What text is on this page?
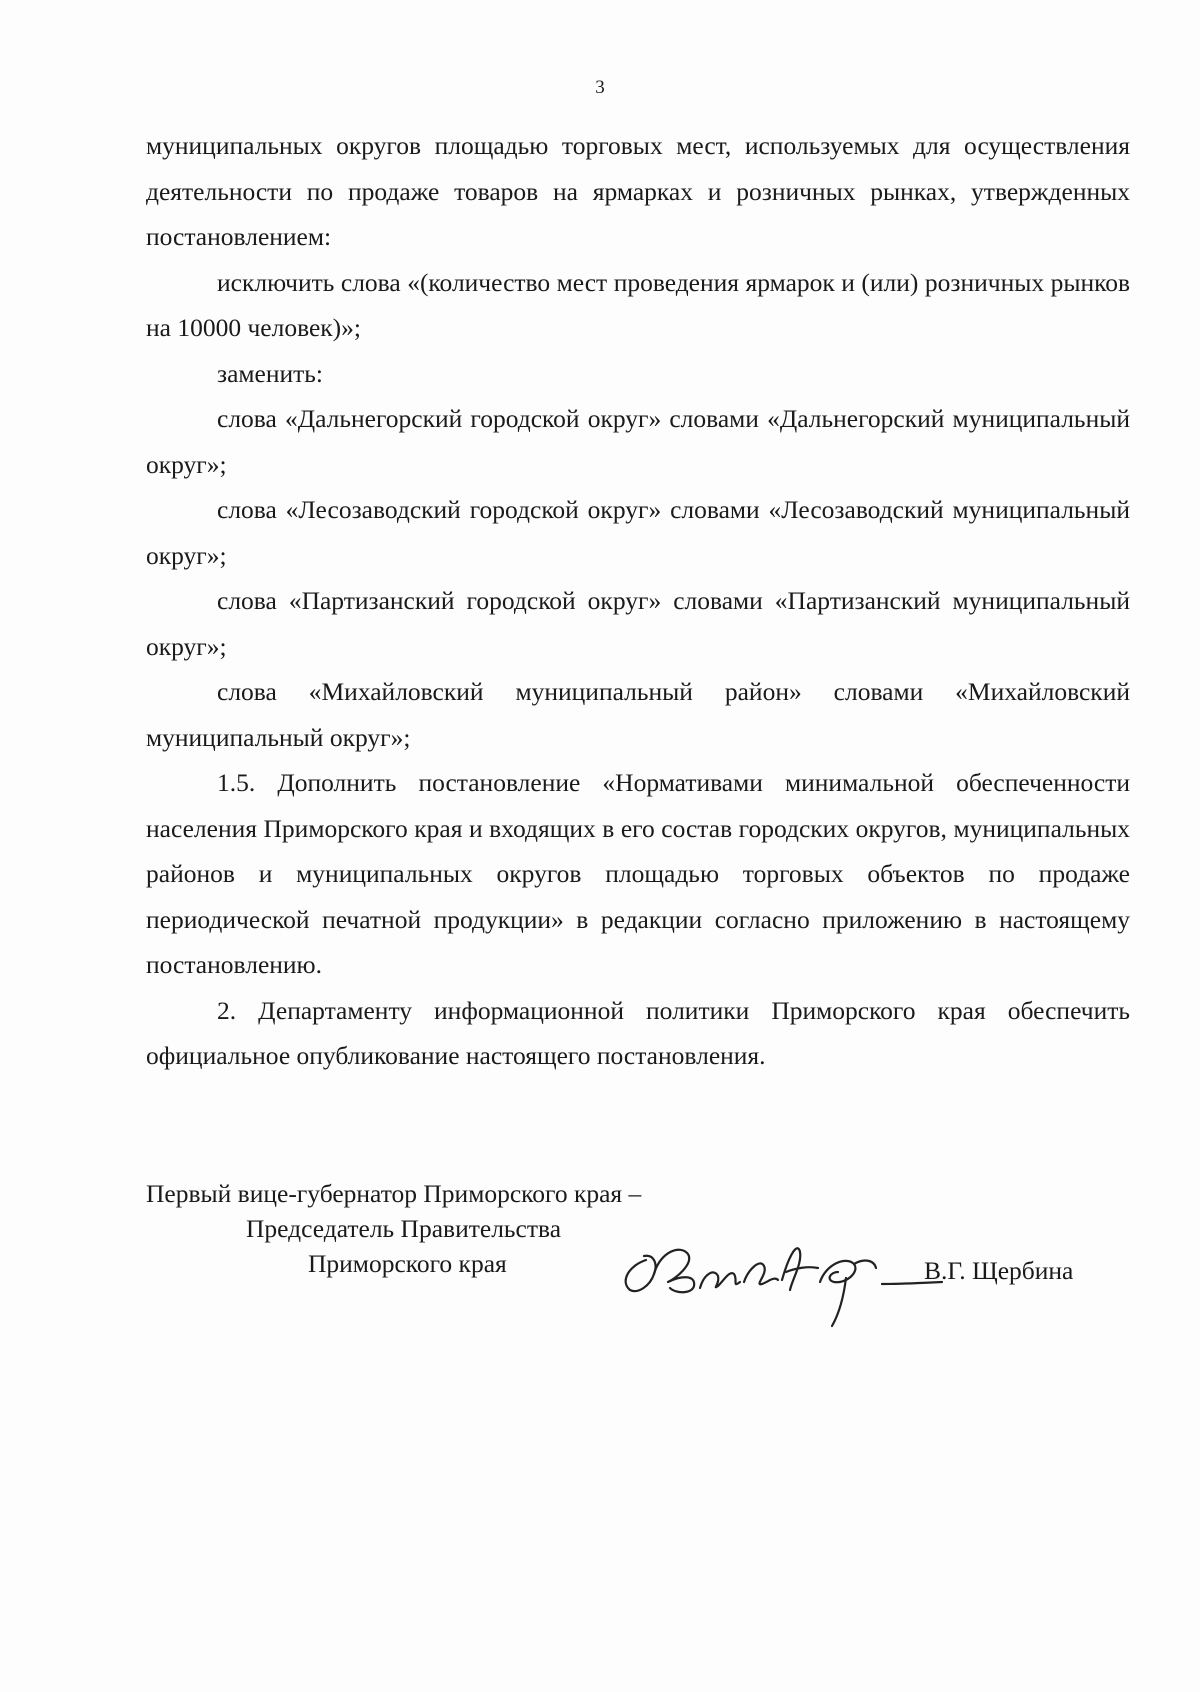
3

муниципальных округов площадью торговых мест, используемых для осуществления деятельности по продаже товаров на ярмарках и розничных рынках, утвержденных постановлением:

исключить слова «(количество мест проведения ярмарок и (или) розничных рынков на 10000 человек)»;

заменить:

слова «Дальнегорский городской округ» словами «Дальнегорский муниципальный округ»;

слова «Лесозаводский городской округ» словами «Лесозаводский муниципальный округ»;

слова «Партизанский городской округ» словами «Партизанский муниципальный округ»;

слова «Михайловский муниципальный район» словами «Михайловский муниципальный округ»;

1.5. Дополнить постановление «Нормативами минимальной обеспеченности населения Приморского края и входящих в его состав городских округов, муниципальных районов и муниципальных округов площадью торговых объектов по продаже периодической печатной продукции» в редакции согласно приложению в настоящему постановлению.

2. Департаменту информационной политики Приморского края обеспечить официальное опубликование настоящего постановления.

Первый вице-губернатор Приморского края –
Председатель Правительства
Приморского края	В.Г. Щербина
